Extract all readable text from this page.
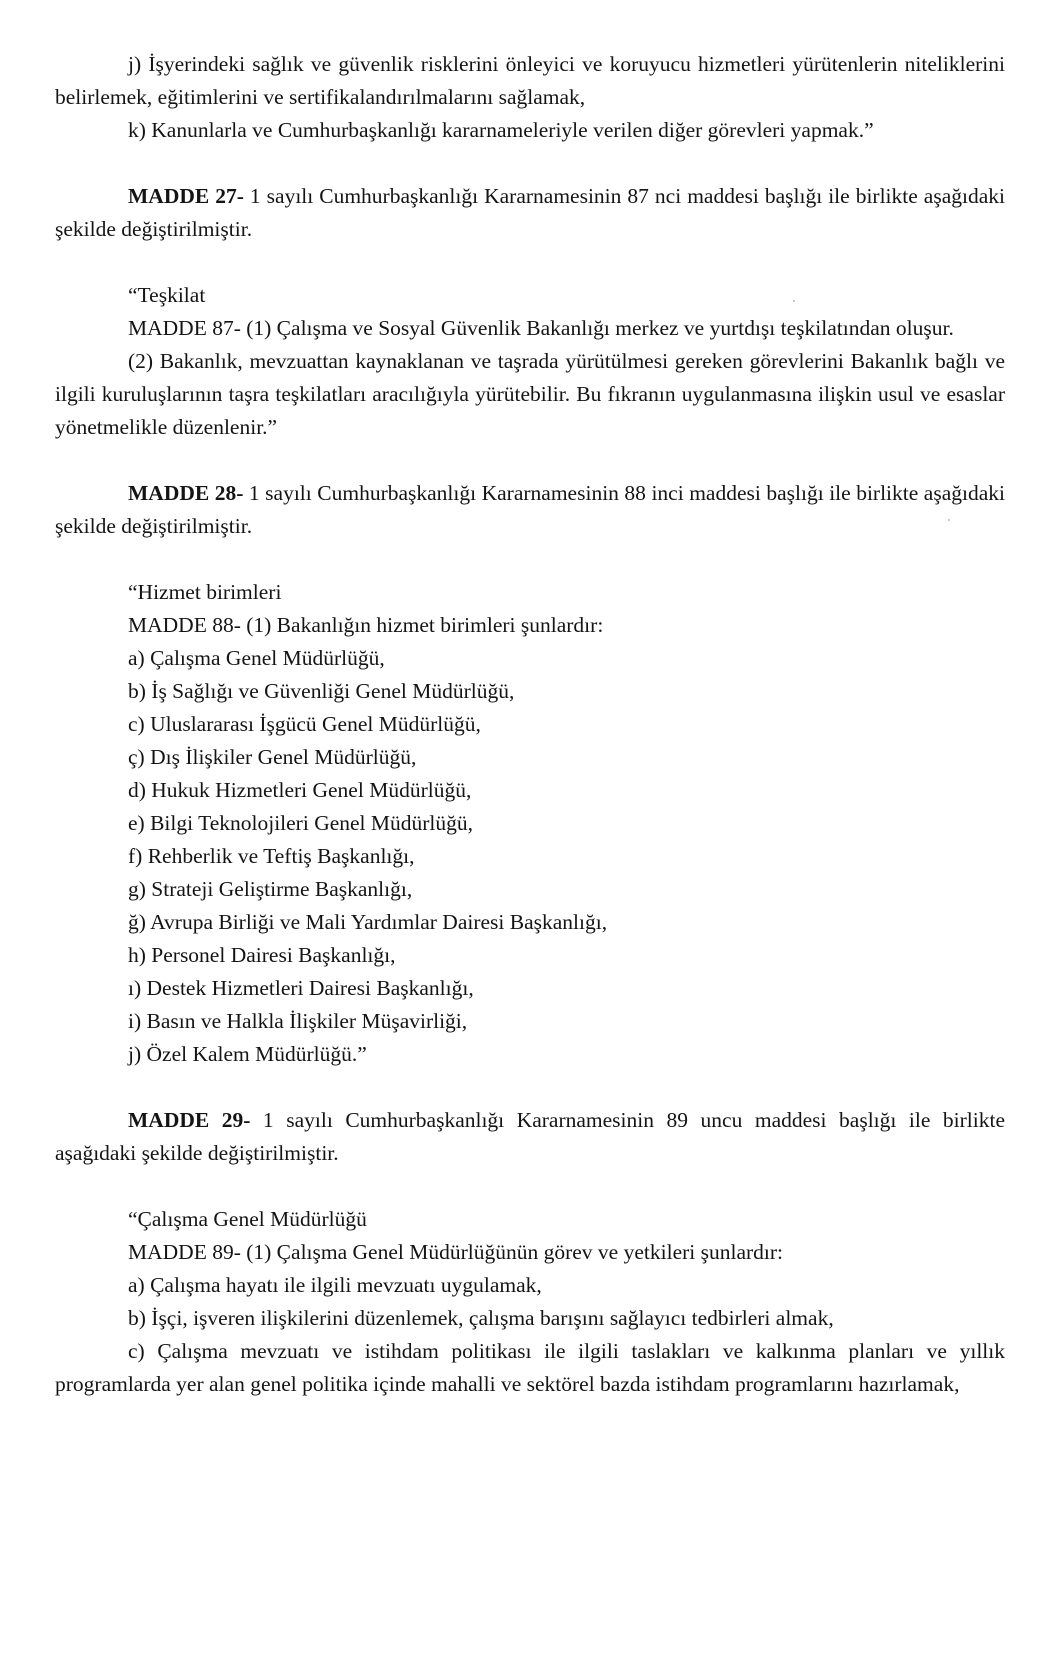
j) İşyerindeki sağlık ve güvenlik risklerini önleyici ve koruyucu hizmetleri yürütenlerin niteliklerini belirlemek, eğitimlerini ve sertifikalandırılmalarını sağlamak,

k) Kanunlarla ve Cumhurbaşkanlığı kararnameleriyle verilen diğer görevleri yapmak.”

MADDE 27- 1 sayılı Cumhurbaşkanlığı Kararnamesinin 87 nci maddesi başlığı ile birlikte aşağıdaki şekilde değiştirilmiştir.

“Teşkilat

MADDE 87- (1) Çalışma ve Sosyal Güvenlik Bakanlığı merkez ve yurtdışı teşkilatından oluşur.

(2) Bakanlık, mevzuattan kaynaklanan ve taşrada yürütülmesi gereken görevlerini Bakanlık bağlı ve ilgili kuruluşlarının taşra teşkilatları aracılığıyla yürütebilir. Bu fıkranın uygulanmasına ilişkin usul ve esaslar yönetmelikle düzenlenir.”

MADDE 28- 1 sayılı Cumhurbaşkanlığı Kararnamesinin 88 inci maddesi başlığı ile birlikte aşağıdaki şekilde değiştirilmiştir.

“Hizmet birimleri
MADDE 88- (1) Bakanlığın hizmet birimleri şunlardır:
a) Çalışma Genel Müdürlüğü,
b) İş Sağlığı ve Güvenliği Genel Müdürlüğü,
c) Uluslararası İşgücü Genel Müdürlüğü,
ç) Dış İlişkiler Genel Müdürlüğü,
d) Hukuk Hizmetleri Genel Müdürlüğü,
e) Bilgi Teknolojileri Genel Müdürlüğü,
f) Rehberlik ve Teftiş Başkanlığı,
g) Strateji Geliştirme Başkanlığı,
ğ) Avrupa Birliği ve Mali Yardımlar Dairesi Başkanlığı,
h) Personel Dairesi Başkanlığı,
ı) Destek Hizmetleri Dairesi Başkanlığı,
i) Basın ve Halkla İlişkiler Müşavirliği,
j) Özel Kalem Müdürlüğü.”

MADDE 29- 1 sayılı Cumhurbaşkanlığı Kararnamesinin 89 uncu maddesi başlığı ile birlikte aşağıdaki şekilde değiştirilmiştir.

“Çalışma Genel Müdürlüğü
MADDE 89- (1) Çalışma Genel Müdürlüğünün görev ve yetkileri şunlardır:
a) Çalışma hayatı ile ilgili mevzuatı uygulamak,
b) İşçi, işveren ilişkilerini düzenlemek, çalışma barışını sağlayıcı tedbirleri almak,

c) Çalışma mevzuatı ve istihdam politikası ile ilgili taslakları ve kalkınma planları ve yıllık programlarda yer alan genel politika içinde mahalli ve sektörel bazda istihdam programlarını hazırlamak,
